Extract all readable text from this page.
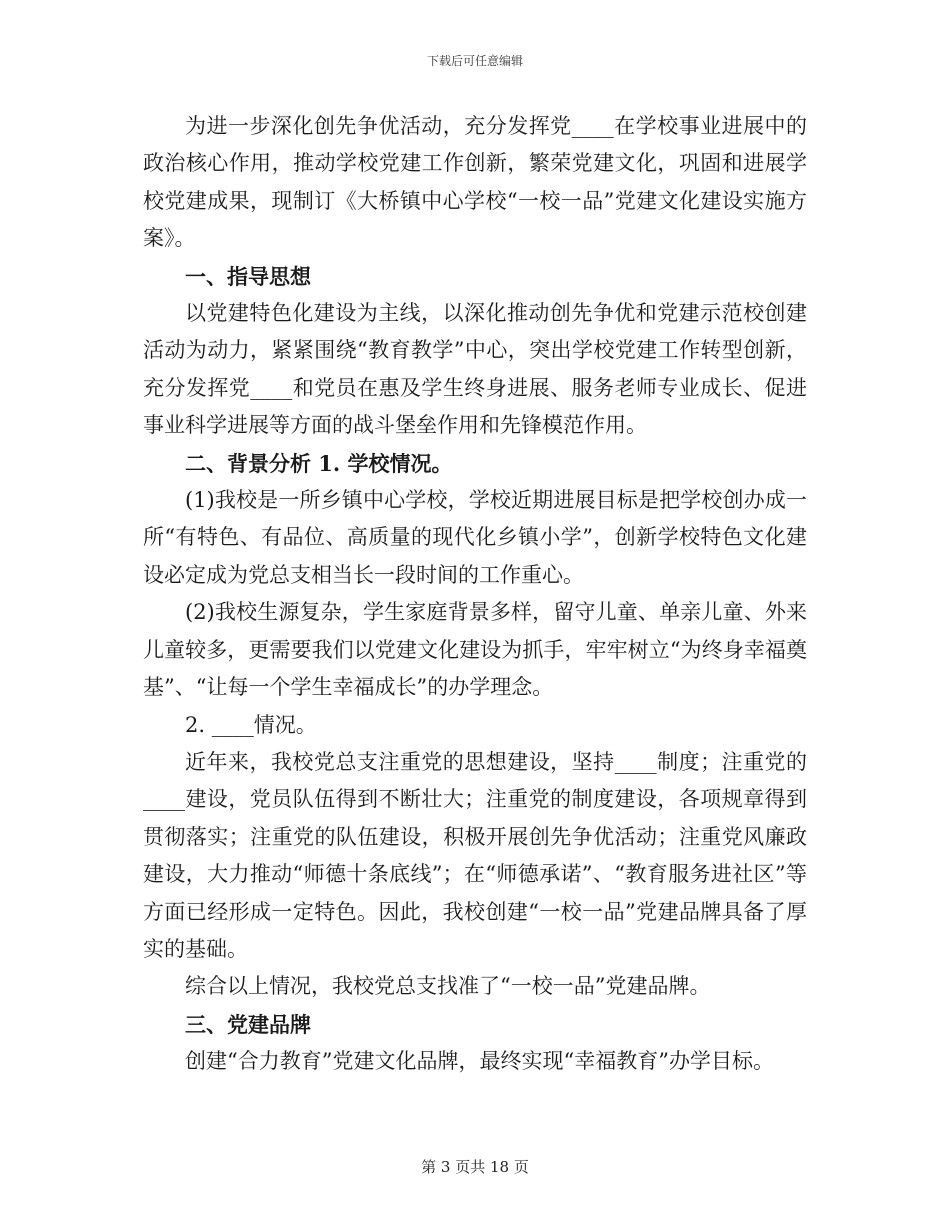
下载后可任意编辑

为进一步深化创先争优活动，充分发挥党____在学校事业进展中的政治核心作用，推动学校党建工作创新，繁荣党建文化，巩固和进展学校党建成果，现制订《大桥镇中心学校“一校一品”党建文化建设实施方案》。

一、指导思想

以党建特色化建设为主线，以深化推动创先争优和党建示范校创建活动为动力，紧紧围绕“教育教学”中心，突出学校党建工作转型创新，充分发挥党____和党员在惠及学生终身进展、服务老师专业成长、促进事业科学进展等方面的战斗堡垒作用和先锋模范作用。

二、背景分析 1. 学校情况。

(1)我校是一所乡镇中心学校，学校近期进展目标是把学校创办成一所“有特色、有品位、高质量的现代化乡镇小学”，创新学校特色文化建设必定成为党总支相当长一段时间的工作重心。

(2)我校生源复杂，学生家庭背景多样，留守儿童、单亲儿童、外来儿童较多，更需要我们以党建文化建设为抓手，牢牢树立“为终身幸福奠基”、“让每一个学生幸福成长”的办学理念。

2. ____情况。

近年来，我校党总支注重党的思想建设，坚持____制度；注重党的____建设，党员队伍得到不断壮大；注重党的制度建设，各项规章得到贯彻落实；注重党的队伍建设，积极开展创先争优活动；注重党风廉政建设，大力推动“师德十条底线”；在“师德承诺”、“教育服务进社区”等方面已经形成一定特色。因此，我校创建“一校一品”党建品牌具备了厚实的基础。

综合以上情况，我校党总支找准了“一校一品”党建品牌。

三、党建品牌

创建“合力教育”党建文化品牌，最终实现“幸福教育”办学目标。

第 3 页共 18 页
